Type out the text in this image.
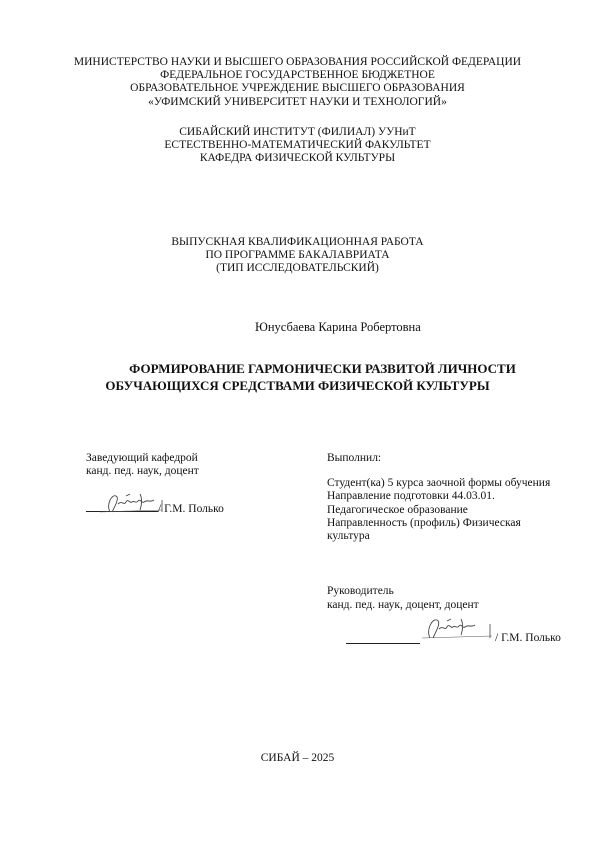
МИНИСТЕРСТВО НАУКИ И ВЫСШЕГО ОБРАЗОВАНИЯ РОССИЙСКОЙ ФЕДЕРАЦИИ
ФЕДЕРАЛЬНОЕ ГОСУДАРСТВЕННОЕ БЮДЖЕТНОЕ
ОБРАЗОВАТЕЛЬНОЕ УЧРЕЖДЕНИЕ ВЫСШЕГО ОБРАЗОВАНИЯ
«УФИМСКИЙ УНИВЕРСИТЕТ НАУКИ И ТЕХНОЛОГИЙ»
СИБАЙСКИЙ ИНСТИТУТ (ФИЛИАЛ) УУНиТ
ЕСТЕСТВЕННО-МАТЕМАТИЧЕСКИЙ ФАКУЛЬТЕТ
КАФЕДРА ФИЗИЧЕСКОЙ КУЛЬТУРЫ
ВЫПУСКНАЯ КВАЛИФИКАЦИОННАЯ РАБОТА
ПО ПРОГРАММЕ БАКАЛАВРИАТА
(ТИП ИССЛЕДОВАТЕЛЬСКИЙ)
Юнусбаева Карина Робертовна
ФОРМИРОВАНИЕ ГАРМОНИЧЕСКИ РАЗВИТОЙ ЛИЧНОСТИ
ОБУЧАЮЩИХСЯ СРЕДСТВАМИ ФИЗИЧЕСКОЙ КУЛЬТУРЫ
Заведующий кафедрой
канд. пед. наук, доцент
/ Г.М. Полько
Выполнил:
Студент(ка) 5 курса заочной формы обучения
Направление подготовки 44.03.01.
Педагогическое образование
Направленность (профиль) Физическая культура
Руководитель
канд. пед. наук, доцент, доцент
/ Г.М. Полько
СИБАЙ – 2025
